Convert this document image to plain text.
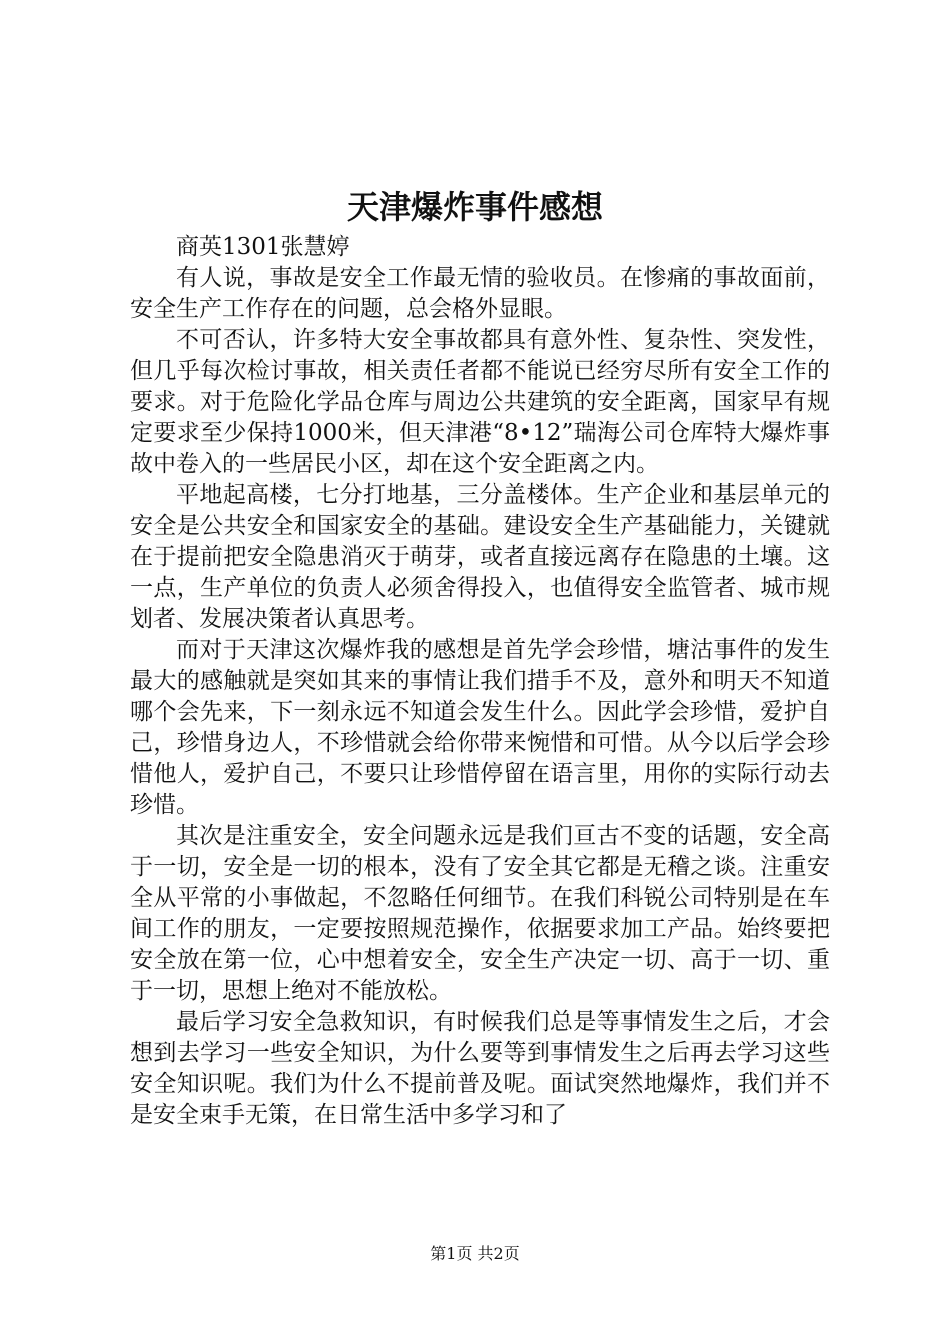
天津爆炸事件感想

商英1301张慧婷

有人说，事故是安全工作最无情的验收员。在惨痛的事故面前，安全生产工作存在的问题，总会格外显眼。

不可否认，许多特大安全事故都具有意外性、复杂性、突发性，但几乎每次检讨事故，相关责任者都不能说已经穷尽所有安全工作的要求。对于危险化学品仓库与周边公共建筑的安全距离，国家早有规定要求至少保持1000米，但天津港“8•12”瑞海公司仓库特大爆炸事故中卷入的一些居民小区，却在这个安全距离之内。

平地起高楼，七分打地基，三分盖楼体。生产企业和基层单元的安全是公共安全和国家安全的基础。建设安全生产基础能力，关键就在于提前把安全隐患消灭于萌芽，或者直接远离存在隐患的土壤。这一点，生产单位的负责人必须舍得投入，也值得安全监管者、城市规划者、发展决策者认真思考。

而对于天津这次爆炸我的感想是首先学会珍惜，塘沽事件的发生最大的感触就是突如其来的事情让我们措手不及，意外和明天不知道哪个会先来，下一刻永远不知道会发生什么。因此学会珍惜，爱护自己，珍惜身边人，不珍惜就会给你带来惋惜和可惜。从今以后学会珍惜他人，爱护自己，不要只让珍惜停留在语言里，用你的实际行动去珍惜。

其次是注重安全，安全问题永远是我们亘古不变的话题，安全高于一切，安全是一切的根本，没有了安全其它都是无稽之谈。注重安全从平常的小事做起，不忽略任何细节。在我们科锐公司特别是在车间工作的朋友，一定要按照规范操作，依据要求加工产品。始终要把安全放在第一位，心中想着安全，安全生产决定一切、高于一切、重于一切，思想上绝对不能放松。

最后学习安全急救知识，有时候我们总是等事情发生之后，才会想到去学习一些安全知识，为什么要等到事情发生之后再去学习这些安全知识呢。我们为什么不提前普及呢。面试突然地爆炸，我们并不是安全束手无策，在日常生活中多学习和了

第1页 共2页
